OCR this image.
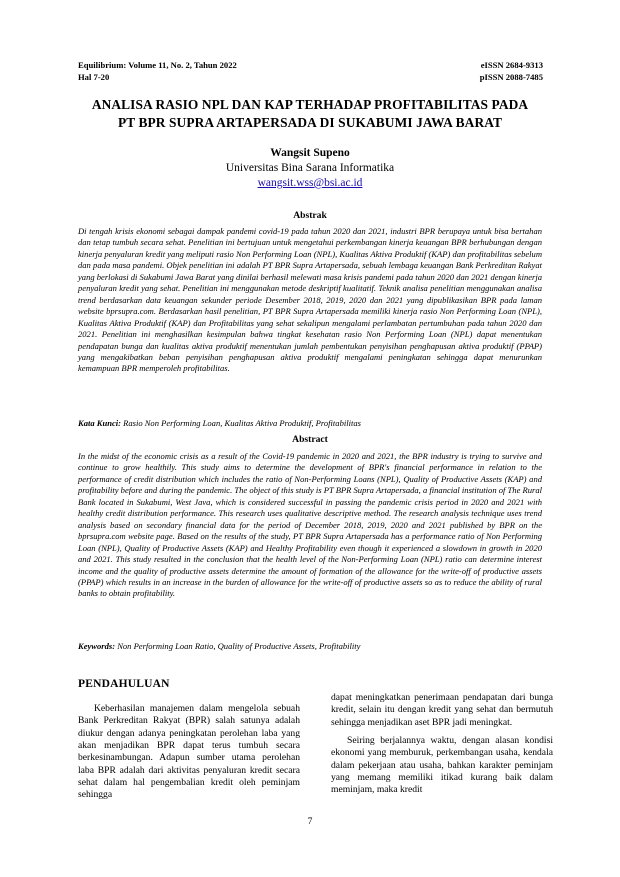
Equilibrium: Volume 11, No. 2, Tahun 2022
Hal 7-20
eISSN 2684-9313
pISSN 2088-7485
ANALISA RASIO NPL DAN KAP TERHADAP PROFITABILITAS PADA
PT BPR SUPRA ARTAPERSADA DI SUKABUMI JAWA BARAT
Wangsit Supeno
Universitas Bina Sarana Informatika
wangsit.wss@bsi.ac.id
Abstrak
Di tengah krisis ekonomi sebagai dampak pandemi covid-19 pada tahun 2020 dan 2021, industri BPR berupaya untuk bisa bertahan dan tetap tumbuh secara sehat. Penelitian ini bertujuan untuk mengetahui perkembangan kinerja keuangan BPR berhubungan dengan kinerja penyaluran kredit yang meliputi rasio Non Performing Loan (NPL), Kualitas Aktiva Produktif (KAP) dan profitabilitas sebelum dan pada masa pandemi. Objek penelitian ini adalah PT BPR Supra Artapersada, sebuah lembaga keuangan Bank Perkreditan Rakyat yang berlokasi di Sukabumi Jawa Barat yang dinilai berhasil melewati masa krisis pandemi pada tahun 2020 dan 2021 dengan kinerja penyaluran kredit yang sehat. Penelitian ini menggunakan metode deskriptif kualitatif. Teknik analisa penelitian menggunakan analisa trend berdasarkan data keuangan sekunder periode Desember 2018, 2019, 2020 dan 2021 yang dipublikasikan BPR pada laman website bprsupra.com. Berdasarkan hasil penelitian, PT BPR Supra Artapersada memiliki kinerja rasio Non Performing Loan (NPL), Kualitas Aktiva Produktif (KAP) dan Profitabilitas yang sehat sekalipun mengalami perlambatan pertumbuhan pada tahun 2020 dan 2021. Penelitian ini menghasilkan kesimpulan bahwa tingkat kesehatan rasio Non Performing Loan (NPL) dapat menentukan pendapatan bunga dan kualitas aktiva produktif menentukan jumlah pembentukan penyisihan penghapusan aktiva produktif (PPAP) yang mengakibatkan beban penyisihan penghapusan aktiva produktif mengalami peningkatan sehingga dapat menurunkan kemampuan BPR memperoleh profitabilitas.
Kata Kunci: Rasio Non Performing Loan, Kualitas Aktiva Produktif, Profitabilitas
Abstract
In the midst of the economic crisis as a result of the Covid-19 pandemic in 2020 and 2021, the BPR industry is trying to survive and continue to grow healthily. This study aims to determine the development of BPR's financial performance in relation to the performance of credit distribution which includes the ratio of Non-Performing Loans (NPL), Quality of Productive Assets (KAP) and profitability before and during the pandemic. The object of this study is PT BPR Supra Artapersada, a financial institution of The Rural Bank located in Sukabumi, West Java, which is considered successful in passing the pandemic crisis period in 2020 and 2021 with healthy credit distribution performance. This research uses qualitative descriptive method. The research analysis technique uses trend analysis based on secondary financial data for the period of December 2018, 2019, 2020 and 2021 published by BPR on the bprsupra.com website page. Based on the results of the study, PT BPR Supra Artapersada has a performance ratio of Non Performing Loan (NPL), Quality of Productive Assets (KAP) and Healthy Profitability even though it experienced a slowdown in growth in 2020 and 2021. This study resulted in the conclusion that the health level of the Non-Performing Loan (NPL) ratio can determine interest income and the quality of productive assets determine the amount of formation of the allowance for the write-off of productive assets (PPAP) which results in an increase in the burden of allowance for the write-off of productive assets so as to reduce the ability of rural banks to obtain profitability.
Keywords: Non Performing Loan Ratio, Quality of Productive Assets, Profitability
PENDAHULUAN

Keberhasilan manajemen dalam mengelola sebuah Bank Perkreditan Rakyat (BPR) salah satunya adalah diukur dengan adanya peningkatan perolehan laba yang akan menjadikan BPR dapat terus tumbuh secara berkesinambungan. Adapun sumber utama perolehan laba BPR adalah dari aktivitas penyaluran kredit secara sehat dalam hal pengembalian kredit oleh peminjam sehingga

dapat meningkatkan penerimaan pendapatan dari bunga kredit, selain itu dengan kredit yang sehat dan bermutuh sehingga menjadikan aset BPR jadi meningkat.

Seiring berjalannya waktu, dengan alasan kondisi ekonomi yang memburuk, perkembangan usaha, kendala dalam pekerjaan atau usaha, bahkan karakter peminjam yang memang memiliki itikad kurang baik dalam meminjam, maka kredit

7
